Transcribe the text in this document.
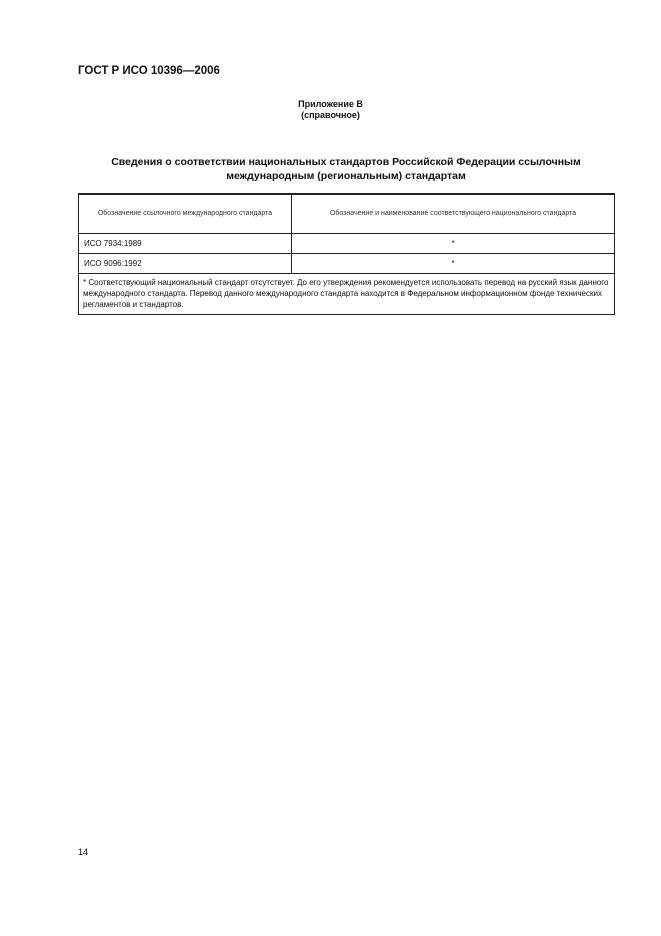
ГОСТ Р ИСО 10396—2006
Приложение В
(справочное)
Сведения о соответствии национальных стандартов Российской Федерации ссылочным международным (региональным) стандартам
Обозначение ссылочного международного стандарта	Обозначение и наименование соответствующего национального стандарта
ИСО 7934:1989	*
ИСО 9096:1992	*
* Соответствующий национальный стандарт отсутствует. До его утверждения рекомендуется использовать перевод на русский язык данного международного стандарта. Перевод данного международного стандарта находится в Федеральном информационном фонде технических регламентов и стандартов.	
14
